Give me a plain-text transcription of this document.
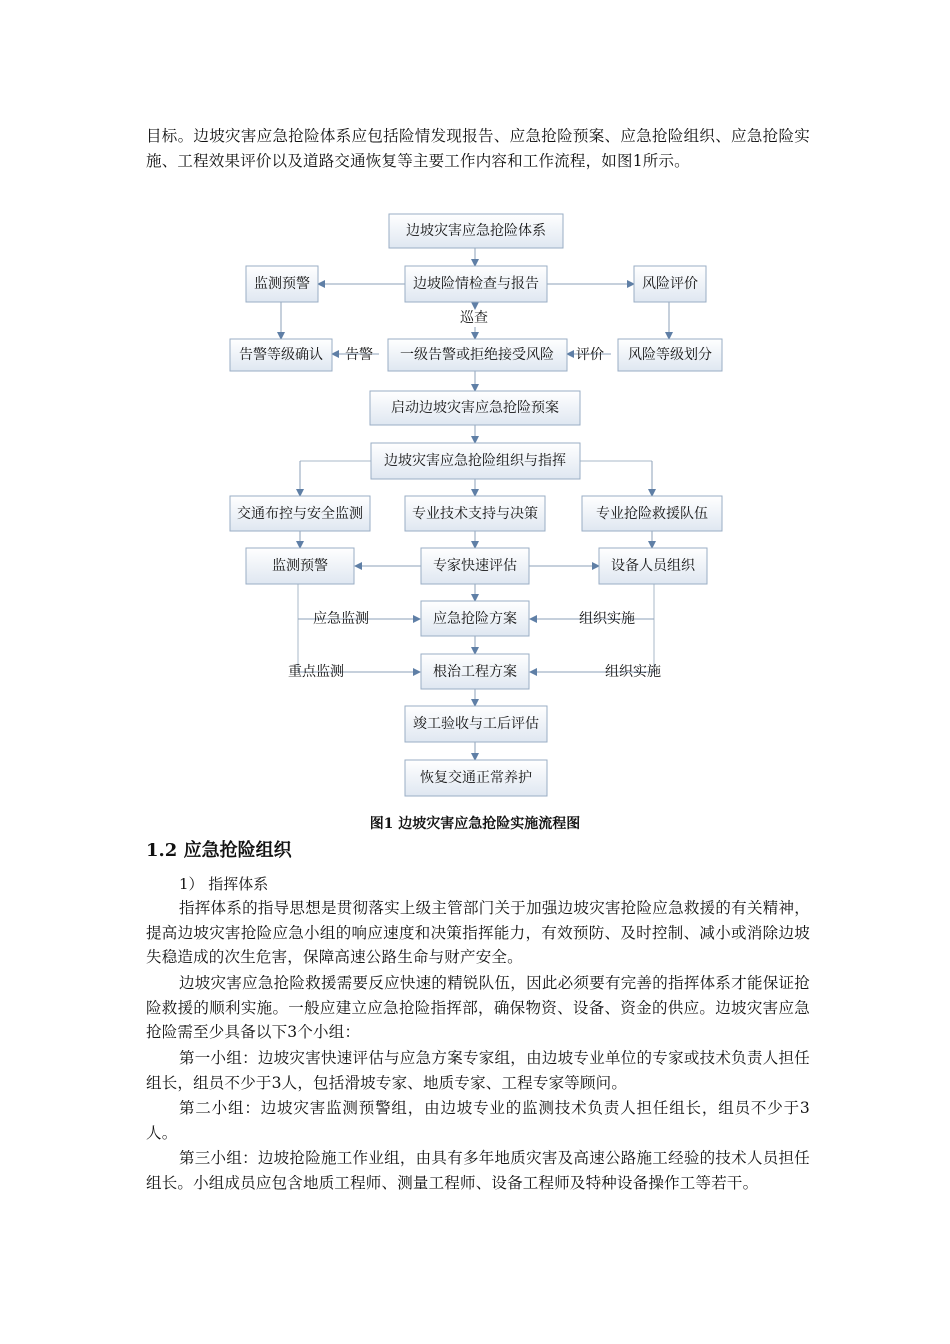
目标。边坡灾害应急抢险体系应包括险情发现报告、应急抢险预案、应急抢险组织、应急抢险实施、工程效果评价以及道路交通恢复等主要工作内容和工作流程，如图1所示。

边坡灾害应急抢险体系
边坡险情检查与报告
监测预警	风险评价
告警等级确认	一级告警或拒绝接受风险	风险等级划分
启动边坡灾害应急抢险预案
边坡灾害应急抢险组织与指挥
交通布控与安全监测	专业技术支持与决策	专业抢险救援队伍
监测预警	专家快速评估	设备人员组织
应急抢险方案
根治工程方案
竣工验收与工后评估
恢复交通正常养护
巡查
告警	评价
应急监测
重点监测
组织实施
组织实施
图1 边坡灾害应急抢险实施流程图
1.2 应急抢险组织
1） 指挥体系

指挥体系的指导思想是贯彻落实上级主管部门关于加强边坡灾害抢险应急救援的有关精神，提高边坡灾害抢险应急小组的响应速度和决策指挥能力，有效预防、及时控制、减小或消除边坡失稳造成的次生危害，保障高速公路生命与财产安全。

边坡灾害应急抢险救援需要反应快速的精锐队伍，因此必须要有完善的指挥体系才能保证抢险救援的顺利实施。一般应建立应急抢险指挥部，确保物资、设备、资金的供应。边坡灾害应急抢险需至少具备以下3个小组：

第一小组：边坡灾害快速评估与应急方案专家组，由边坡专业单位的专家或技术负责人担任组长，组员不少于3人，包括滑坡专家、地质专家、工程专家等顾问。

第二小组：边坡灾害监测预警组，由边坡专业的监测技术负责人担任组长，组员不少于3人。

第三小组：边坡抢险施工作业组，由具有多年地质灾害及高速公路施工经验的技术人员担任组长。小组成员应包含地质工程师、测量工程师、设备工程师及特种设备操作工等若干。
